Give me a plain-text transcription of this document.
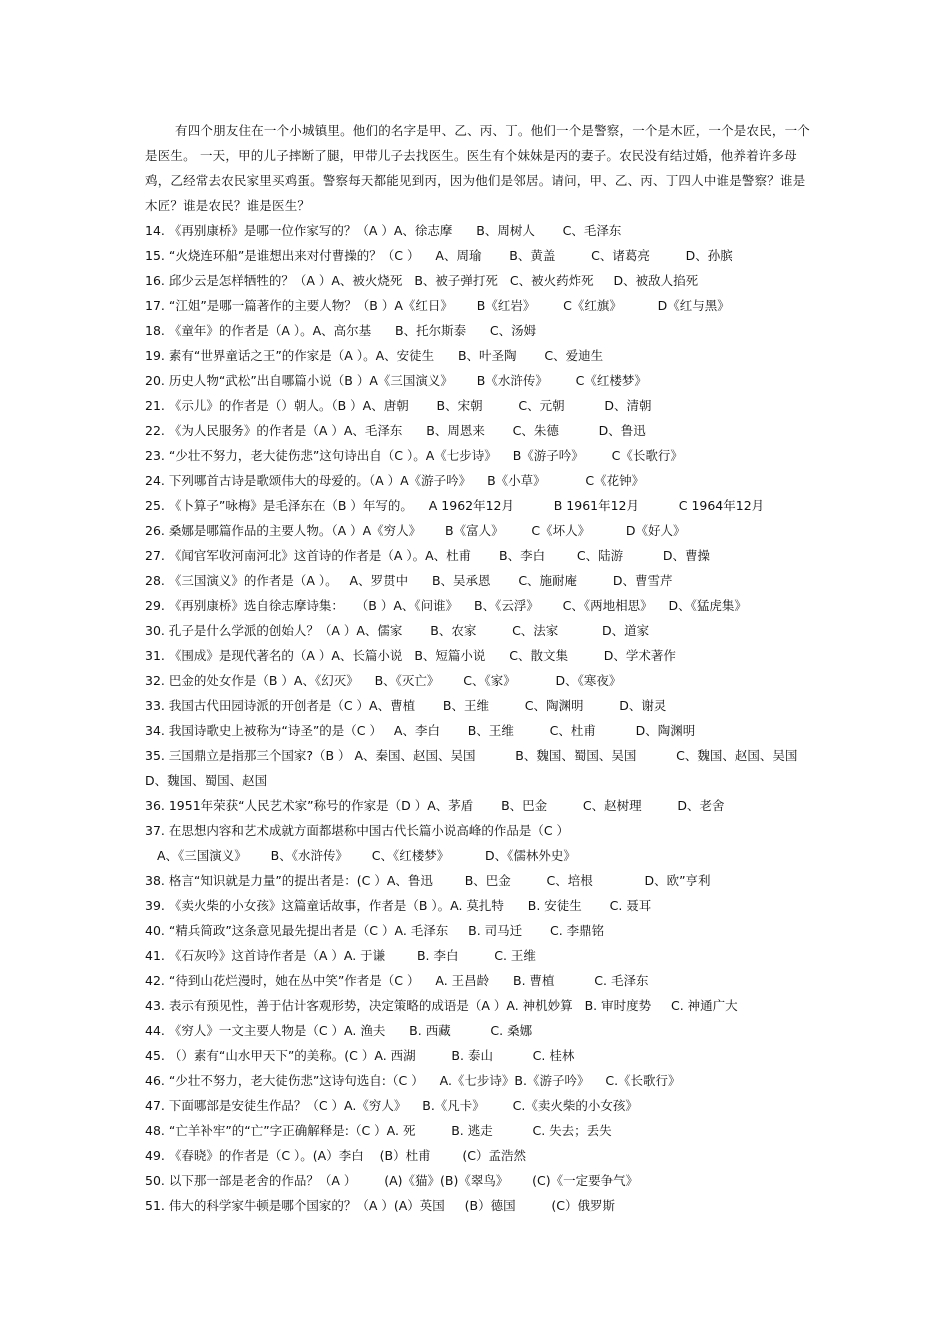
有四个朋友住在一个小城镇里。他们的名字是甲、乙、丙、丁。他们一个是警察，一个是木匠，一个是农民，一个是医生。 一天，甲的儿子摔断了腿，甲带儿子去找医生。医生有个妹妹是丙的妻子。农民没有结过婚，他养着许多母鸡，乙经常去农民家里买鸡蛋。警察每天都能见到丙，因为他们是邻居。请问，甲、乙、丙、丁四人中谁是警察？谁是木匠？谁是农民？谁是医生？

14. 《再别康桥》是哪一位作家写的？（A ）A、徐志摩      B、周树人       C、毛泽东

15. “火烧连环船”是谁想出来对付曹操的？（C ）    A、周瑜       B、黄盖         C、诸葛亮         D、孙膑

16. 邱少云是怎样牺牲的？（A ）A、被火烧死   B、被子弹打死   C、被火药炸死     D、被敌人掐死

17. “江姐”是哪一篇著作的主要人物？（B ）A《红日》      B《红岩》       C《红旗》         D《红与黑》

18. 《童年》的作者是（A ）。A、高尔基      B、托尔斯泰      C、汤姆

19. 素有“世界童话之王”的作家是（A ）。A、安徒生      B、叶圣陶       C、爱迪生

20. 历史人物“武松”出自哪篇小说（B ）A《三国演义》      B《水浒传》       C《红楼梦》

21. 《示儿》的作者是（）朝人。（B ）A、唐朝       B、宋朝         C、元朝          D、清朝

22. 《为人民服务》的作者是（A ）A、毛泽东      B、周恩来       C、朱德          D、鲁迅

23. “少壮不努力，老大徒伤悲”这句诗出自（C ）。A《七步诗》    B《游子吟》       C《长歌行》

24. 下列哪首古诗是歌颂伟大的母爱的。（A ）A《游子吟》    B《小草》          C《花钟》

25. 《卜算子”咏梅》是毛泽东在（B ）年写的。    A 1962年12月          B 1961年12月          C 1964年12月

26. 桑娜是哪篇作品的主要人物。（A ）A《穷人》      B《富人》       C《坏人》         D《好人》

27. 《闻官军收河南河北》这首诗的作者是（A ）。A、杜甫       B、李白        C、陆游          D、曹操

28. 《三国演义》的作者是（A ）。   A、罗贯中      B、吴承恩       C、施耐庵         D、曹雪芹

29. 《再别康桥》选自徐志摩诗集：   （B ）A、《问谁》    B、《云浮》      C、《两地相思》    D、《猛虎集》

30. 孔子是什么学派的创始人？（A ）A、儒家       B、农家         C、法家           D、道家

31. 《围成》是现代著名的（A ）A、长篇小说   B、短篇小说      C、散文集         D、学术著作

32. 巴金的处女作是（B ）A、《幻灭》    B、《灭亡》      C、《家》          D、《寒夜》

33. 我国古代田园诗派的开创者是（C ）A、曹植       B、王维         C、陶渊明         D、谢灵

34. 我国诗歌史上被称为“诗圣”的是（C ）   A、李白       B、王维         C、杜甫          D、陶渊明

35. 三国鼎立是指那三个国家?（B ） A、秦国、赵国、吴国          B、魏国、蜀国、吴国          C、魏国、赵国、吴国      D、魏国、蜀国、赵国

36. 1951年荣获“人民艺术家”称号的作家是（D ）A、茅盾       B、巴金         C、赵树理         D、老舍

37. 在思想内容和艺术成就方面都堪称中国古代长篇小说高峰的作品是（C ）

A、《三国演义》      B、《水浒传》      C、《红楼梦》         D、《儒林外史》

38. 格言“知识就是力量”的提出者是：(C ）A、鲁迅        B、巴金         C、培根             D、欧”亨利

39. 《卖火柴的小女孩》这篇童话故事，作者是（B ）。A. 莫扎特      B. 安徒生       C. 聂耳

40. “精兵简政”这条意见最先提出者是（C ）A. 毛泽东     B. 司马迁       C. 李鼎铭

41. 《石灰吟》这首诗作者是（A ）A. 于谦        B. 李白         C. 王维

42. “待到山花烂漫时，她在丛中笑”作者是（C ）    A. 王昌龄      B. 曹植          C. 毛泽东

43. 表示有预见性，善于估计客观形势，决定策略的成语是（A ）A. 神机妙算   B. 审时度势     C. 神通广大

44. 《穷人》一文主要人物是（C ）A. 渔夫      B. 西藏          C. 桑娜

45. （）素有“山水甲天下”的美称。(C ）A. 西湖         B. 泰山          C. 桂林

46. “少壮不努力，老大徒伤悲”这诗句选自:（C ）    A.《七步诗》B.《游子吟》    C.《长歌行》

47. 下面哪部是安徒生作品？（C ）A.《穷人》    B.《凡卡》       C.《卖火柴的小女孩》

48. “亡羊补牢”的“亡”字正确解释是:（C ）A. 死         B. 逃走          C. 失去；丢失

49. 《春晓》的作者是（C ）。(A）李白    (B）杜甫        (C）孟浩然

50. 以下那一部是老舍的作品？（A ）       (A)《猫》(B)《翠鸟》      (C)《一定要争气》

51. 伟大的科学家牛顿是哪个国家的？（A ）(A）英国     (B）德国         (C）俄罗斯
